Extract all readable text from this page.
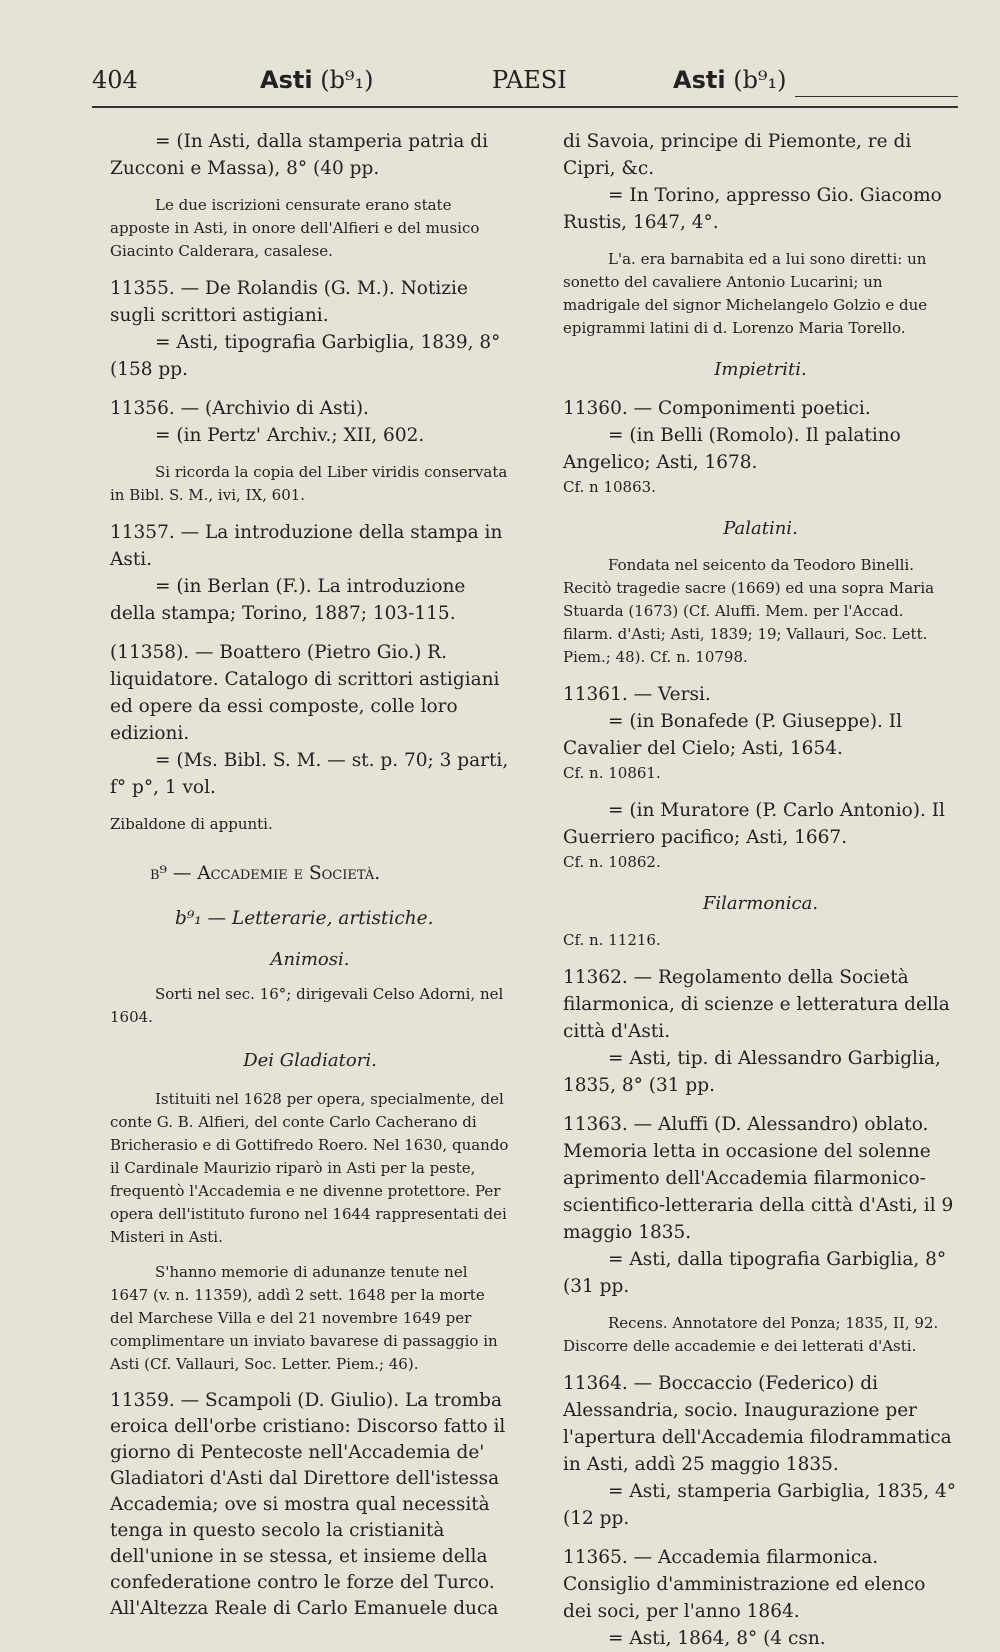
404	Asti (b⁹₁)	PAESI	Asti (b⁹₁)

= (In Asti, dalla stamperia patria di Zucconi e Massa), 8° (40 pp.

Le due iscrizioni censurate erano state apposte in Asti, in onore dell'Alfieri e del musico Giacinto Calderara, casalese.

11355. — De Rolandis (G. M.). Notizie sugli scrittori astigiani.

= Asti, tipografia Garbiglia, 1839, 8° (158 pp.

11356. — (Archivio di Asti).

= (in Pertz' Archiv.; XII, 602.

Si ricorda la copia del Liber viridis conservata in Bibl. S. M., ivi, IX, 601.

11357. — La introduzione della stampa in Asti.

= (in Berlan (F.). La introduzione della stampa; Torino, 1887; 103-115.

(11358). — Boattero (Pietro Gio.) R. liquidatore. Catalogo di scrittori astigiani ed opere da essi composte, colle loro edizioni.

= (Ms. Bibl. S. M. — st. p. 70; 3 parti, f° p°, 1 vol.

Zibaldone di appunti.

b⁹ — Accademie e Società.

b⁹₁ — Letterarie, artistiche.

Animosi.

Sorti nel sec. 16°; dirigevali Celso Adorni, nel 1604.

Dei Gladiatori.

Istituiti nel 1628 per opera, specialmente, del conte G. B. Alfieri, del conte Carlo Cacherano di Bricherasio e di Gottifredo Roero. Nel 1630, quando il Cardinale Maurizio riparò in Asti per la peste, frequentò l'Accademia e ne divenne protettore. Per opera dell'istituto furono nel 1644 rappresentati dei Misteri in Asti.

S'hanno memorie di adunanze tenute nel 1647 (v. n. 11359), addì 2 sett. 1648 per la morte del Marchese Villa e del 21 novembre 1649 per complimentare un inviato bavarese di passaggio in Asti (Cf. Vallauri, Soc. Letter. Piem.; 46).

11359. — Scampoli (D. Giulio). La tromba eroica dell'orbe cristiano: Discorso fatto il giorno di Pentecoste nell'Accademia de' Gladiatori d'Asti dal Direttore dell'istessa Accademia; ove si mostra qual necessità tenga in questo secolo la cristianità dell'unione in se stessa, et insieme della confederatione contro le forze del Turco. All'Altezza Reale di Carlo Emanuele duca

di Savoia, principe di Piemonte, re di Cipri, &c.

= In Torino, appresso Gio. Giacomo Rustis, 1647, 4°.

L'a. era barnabita ed a lui sono diretti: un sonetto del cavaliere Antonio Lucarini; un madrigale del signor Michelangelo Golzio e due epigrammi latini di d. Lorenzo Maria Torello.

Impietriti.

11360. — Componimenti poetici.

= (in Belli (Romolo). Il palatino Angelico; Asti, 1678.

Cf. n 10863.

Palatini.

Fondata nel seicento da Teodoro Binelli. Recitò tragedie sacre (1669) ed una sopra Maria Stuarda (1673) (Cf. Aluffi. Mem. per l'Accad. filarm. d'Asti; Asti, 1839; 19; Vallauri, Soc. Lett. Piem.; 48). Cf. n. 10798.

11361. — Versi.

= (in Bonafede (P. Giuseppe). Il Cavalier del Cielo; Asti, 1654.

Cf. n. 10861.

= (in Muratore (P. Carlo Antonio). Il Guerriero pacifico; Asti, 1667.

Cf. n. 10862.

Filarmonica.

Cf. n. 11216.

11362. — Regolamento della Società filarmonica, di scienze e letteratura della città d'Asti.

= Asti, tip. di Alessandro Garbiglia, 1835, 8° (31 pp.

11363. — Aluffi (D. Alessandro) oblato. Memoria letta in occasione del solenne aprimento dell'Accademia filarmonico-scientifico-letteraria della città d'Asti, il 9 maggio 1835.

= Asti, dalla tipografia Garbiglia, 8° (31 pp.

Recens. Annotatore del Ponza; 1835, II, 92. Discorre delle accademie e dei letterati d'Asti.

11364. — Boccaccio (Federico) di Alessandria, socio. Inaugurazione per l'apertura dell'Accademia filodrammatica in Asti, addì 25 maggio 1835.

= Asti, stamperia Garbiglia, 1835, 4° (12 pp.

11365. — Accademia filarmonica. Consiglio d'amministrazione ed elenco dei soci, per l'anno 1864.

= Asti, 1864, 8° (4 csn.
